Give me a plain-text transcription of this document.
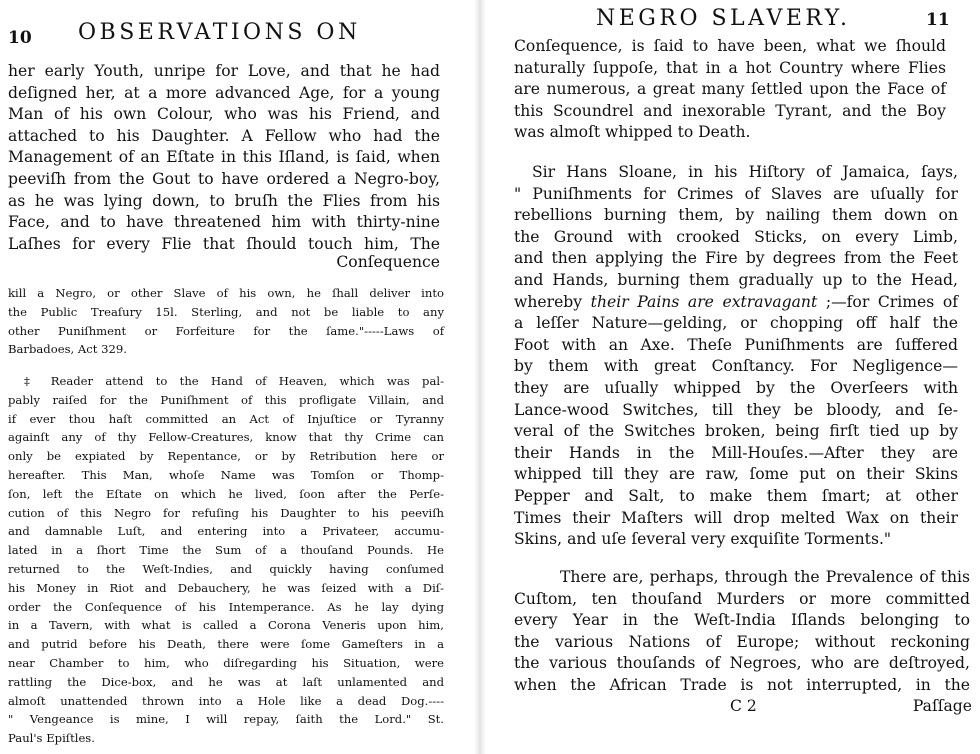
10 OBSERVATIONS ON
her early Youth, unripe for Love, and that he had
deſigned her, at a more advanced Age, for a young
Man of his own Colour, who was his Friend, and
attached to his Daughter. A Fellow who had the
Management of an Eſtate in this Iſland, is ſaid, when
peeviſh from the Gout to have ordered a Negro-boy,
as he was lying down, to bruſh the Flies from his
Face, and to have threatened him with thirty-nine
Laſhes for every Flie that ſhould touch him, The
Conſequence
kill a Negro, or other Slave of his own, he ſhall deliver into
the Public Treaſury 15l. Sterling, and not be liable to any
other Puniſhment or Forfeiture for the ſame."-----Laws of
Barbadoes, Act 329.
‡ Reader attend to the Hand of Heaven, which was pal-
pably raiſed for the Puniſhment of this profligate Villain, and
if ever thou haſt committed an Act of Injuſtice or Tyranny
againſt any of thy Fellow-Creatures, know that thy Crime can
only be expiated by Repentance, or by Retribution here or
hereafter. This Man, whoſe Name was Tomſon or Thomp-
ſon, left the Eſtate on which he lived, ſoon after the Perſe-
cution of this Negro for refuſing his Daughter to his peeviſh
and damnable Luſt, and entering into a Privateer, accumu-
lated in a ſhort Time the Sum of a thouſand Pounds. He
returned to the Weſt-Indies, and quickly having conſumed
his Money in Riot and Debauchery, he was ſeized with a Diſ-
order the Conſequence of his Intemperance. As he lay dying
in a Tavern, with what is called a Corona Veneris upon him,
and putrid before his Death, there were ſome Gameſters in a
near Chamber to him, who diſregarding his Situation, were
rattling the Dice-box, and he was at laſt unlamented and
almoſt unattended thrown into a Hole like a dead Dog.----
" Vengeance is mine, I will repay, ſaith the Lord." St.
Paul's Epiſtles.
NEGRO SLAVERY.	11
Conſequence, is ſaid to have been, what we ſhould
naturally ſuppoſe, that in a hot Country where Flies
are numerous, a great many ſettled upon the Face of
this Scoundrel and inexorable Tyrant, and the Boy
was almoſt whipped to Death.
Sir Hans Sloane, in his Hiſtory of Jamaica, ſays,
" Puniſhments for Crimes of Slaves are uſually for
rebellions burning them, by nailing them down on
the Ground with crooked Sticks, on every Limb,
and then applying the Fire by degrees from the Feet
and Hands, burning them gradually up to the Head,
whereby their Pains are extravagant ;—for Crimes of
a leſſer Nature—gelding, or chopping off half the
Foot with an Axe. Theſe Puniſhments are ſuffered
by them with great Conſtancy. For Negligence—
they are uſually whipped by the Overſeers with
Lance-wood Switches, till they be bloody, and ſe-
veral of the Switches broken, being firſt tied up by
their Hands in the Mill-Houſes.—After they are
whipped till they are raw, ſome put on their Skins
Pepper and Salt, to make them ſmart; at other
Times their Maſters will drop melted Wax on their
Skins, and uſe ſeveral very exquiſite Torments."
There are, perhaps, through the Prevalence of this
Cuſtom, ten thouſand Murders or more committed
every Year in the Weſt-India Iſlands belonging to
the various Nations of Europe; without reckoning
the various thouſands of Negroes, who are deſtroyed,
when the African Trade is not interrupted, in the
C 2	Paſſage
